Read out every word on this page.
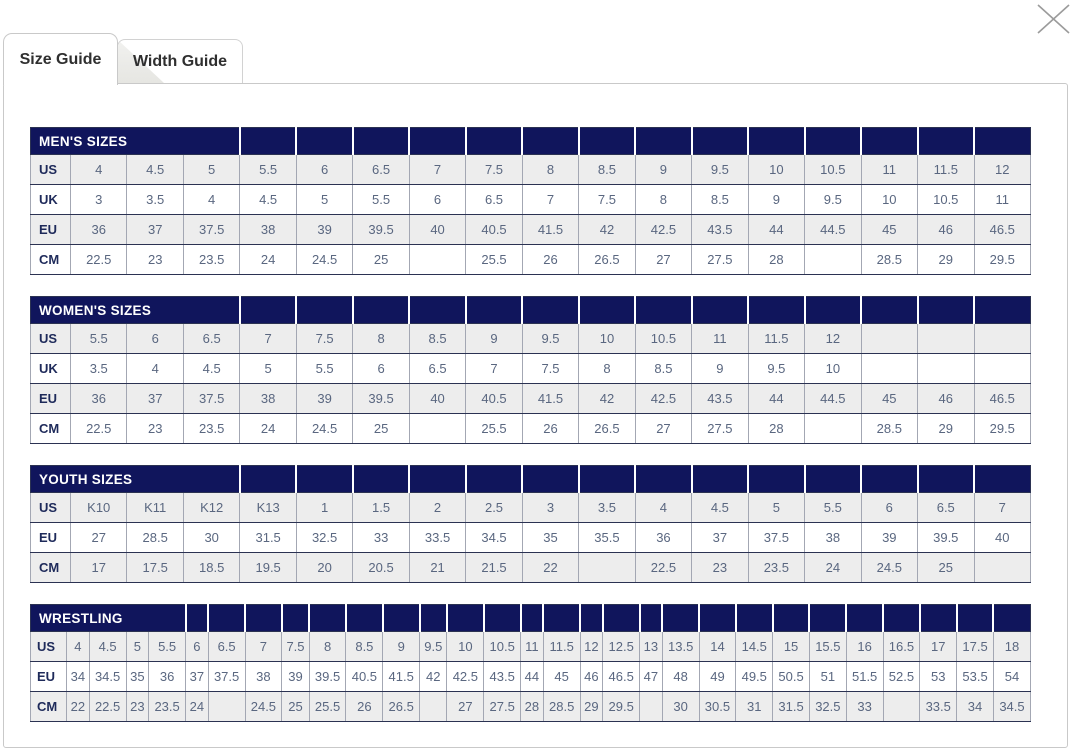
Size Guide Width Guide
MEN'S SIZES																	
US	4	4.5	5	5.5	6	6.5	7	7.5	8	8.5	9	9.5	10	10.5	11	11.5	12
UK	3	3.5	4	4.5	5	5.5	6	6.5	7	7.5	8	8.5	9	9.5	10	10.5	11
EU	36	37	37.5	38	39	39.5	40	40.5	41.5	42	42.5	43.5	44	44.5	45	46	46.5
CM	22.5	23	23.5	24	24.5	25		25.5	26	26.5	27	27.5	28		28.5	29	29.5
WOMEN'S SIZES																	
US	5.5	6	6.5	7	7.5	8	8.5	9	9.5	10	10.5	11	11.5	12			
UK	3.5	4	4.5	5	5.5	6	6.5	7	7.5	8	8.5	9	9.5	10			
EU	36	37	37.5	38	39	39.5	40	40.5	41.5	42	42.5	43.5	44	44.5	45	46	46.5
CM	22.5	23	23.5	24	24.5	25		25.5	26	26.5	27	27.5	28		28.5	29	29.5
YOUTH SIZES																	
US	K10	K11	K12	K13	1	1.5	2	2.5	3	3.5	4	4.5	5	5.5	6	6.5	7
EU	27	28.5	30	31.5	32.5	33	33.5	34.5	35	35.5	36	37	37.5	38	39	39.5	40
CM	17	17.5	18.5	19.5	20	20.5	21	21.5	22		22.5	23	23.5	24	24.5	25	
WRESTLING																													
US	4	4.5	5	5.5	6	6.5	7	7.5	8	8.5	9	9.5	10	10.5	11	11.5	12	12.5	13	13.5	14	14.5	15	15.5	16	16.5	17	17.5	18
EU	34	34.5	35	36	37	37.5	38	39	39.5	40.5	41.5	42	42.5	43.5	44	45	46	46.5	47	48	49	49.5	50.5	51	51.5	52.5	53	53.5	54
CM	22	22.5	23	23.5	24		24.5	25	25.5	26	26.5		27	27.5	28	28.5	29	29.5		30	30.5	31	31.5	32.5	33		33.5	34	34.5
